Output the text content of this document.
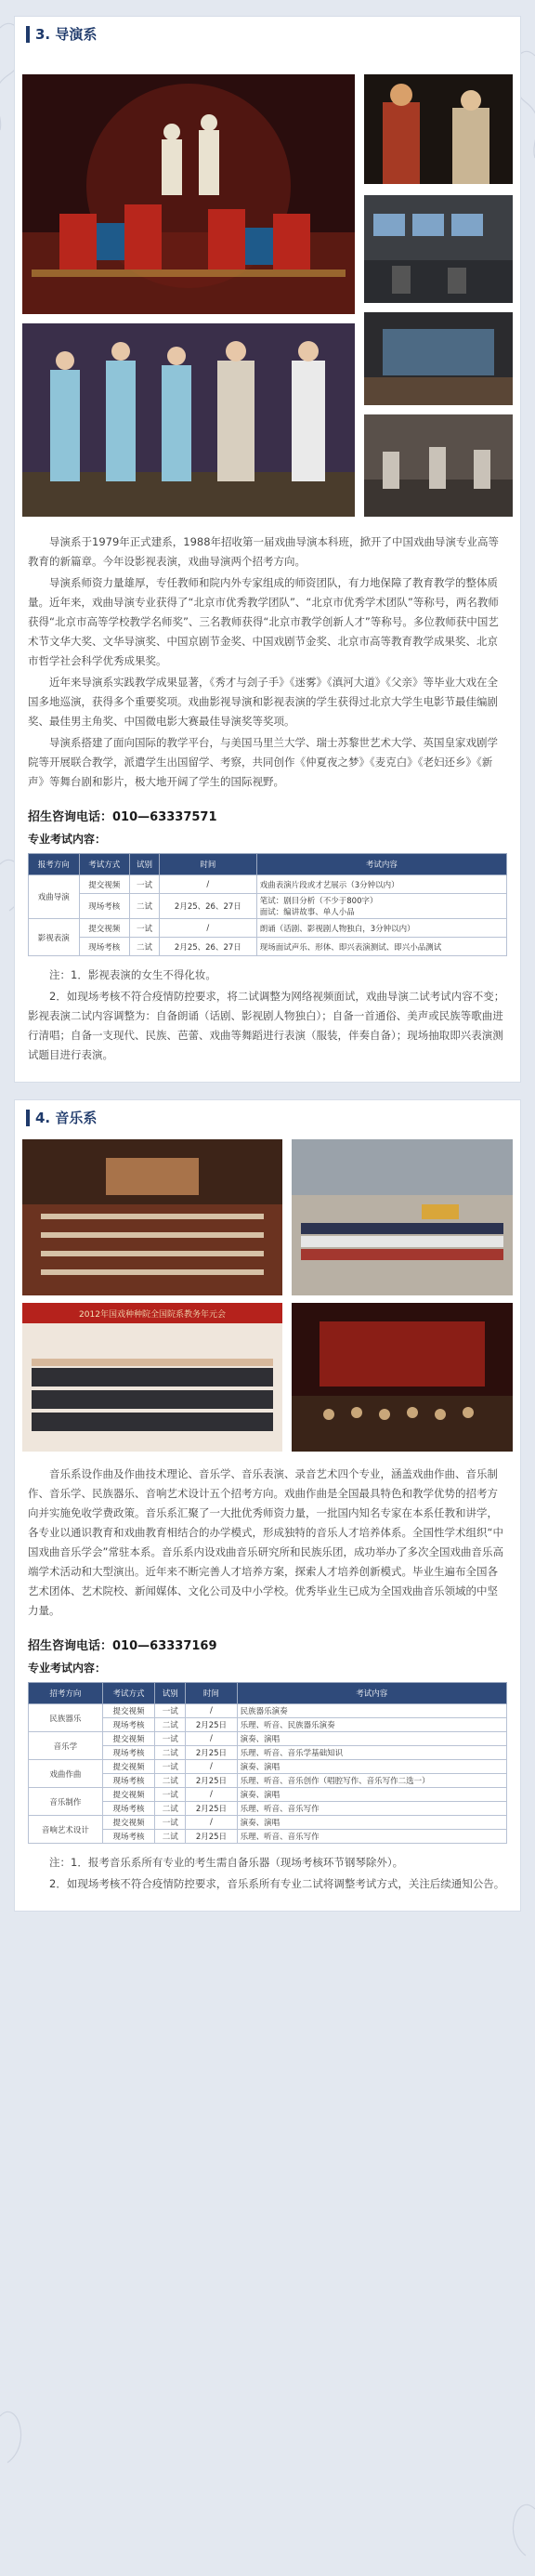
3. 导演系

导演系于1979年正式建系，1988年招收第一届戏曲导演本科班，掀开了中国戏曲导演专业高等教育的新篇章。今年设影视表演，戏曲导演两个招考方向。

导演系师资力量雄厚，专任教师和院内外专家组成的师资团队，有力地保障了教育教学的整体质量。近年来，戏曲导演专业获得了“北京市优秀教学团队”、“北京市优秀学术团队”等称号，两名教师获得“北京市高等学校教学名师奖”、三名教师获得“北京市教学创新人才”等称号。多位教师获中国艺术节文华大奖、文华导演奖、中国京剧节金奖、中国戏剧节金奖、北京市高等教育教学成果奖、北京市哲学社会科学优秀成果奖。

近年来导演系实践教学成果显著，《秀才与刽子手》《迷雾》《滇河大道》《父亲》等毕业大戏在全国多地巡演，获得多个重要奖项。戏曲影视导演和影视表演的学生获得过北京大学生电影节最佳编剧奖、最佳男主角奖、中国微电影大赛最佳导演奖等奖项。

导演系搭建了面向国际的教学平台，与美国马里兰大学、瑞士苏黎世艺术大学、英国皇家戏剧学院等开展联合教学，派遣学生出国留学、考察，共同创作《仲夏夜之梦》《麦克白》《老妇还乡》《新声》等舞台剧和影片，极大地开阔了学生的国际视野。

招生咨询电话：010—63337571
专业考试内容：
报考方向	考试方式	试别	时间	考试内容
戏曲导演	提交视频	一试	/	戏曲表演片段或才艺展示（3分钟以内）
	现场考核	二试	2月25、26、27日	笔试：剧目分析（不少于800字）
面试：编讲故事、单人小品
影视表演	提交视频	一试	/	朗诵（话剧、影视剧人物独白，3分钟以内）
	现场考核	二试	2月25、26、27日	现场面试声乐、形体、即兴表演测试、即兴小品测试

注：1．影视表演的女生不得化妆。

2．如现场考核不符合疫情防控要求，将二试调整为网络视频面试，戏曲导演二试考试内容不变；影视表演二试内容调整为：自备朗诵（话剧、影视剧人物独白）；自备一首通俗、美声或民族等歌曲进行清唱；自备一支现代、民族、芭蕾、戏曲等舞蹈进行表演（服装，伴奏自备）；现场抽取即兴表演测试题目进行表演。

4. 音乐系
2012年国戏种种院全国院系教务年元会

音乐系设作曲及作曲技术理论、音乐学、音乐表演、录音艺术四个专业，涵盖戏曲作曲、音乐制作、音乐学、民族器乐、音响艺术设计五个招考方向。戏曲作曲是全国最具特色和教学优势的招考方向并实施免收学费政策。音乐系汇聚了一大批优秀师资力量，一批国内知名专家在本系任教和讲学，各专业以通识教育和戏曲教育相结合的办学模式，形成独特的音乐人才培养体系。全国性学术组织“中国戏曲音乐学会”常驻本系。音乐系内设戏曲音乐研究所和民族乐团，成功举办了多次全国戏曲音乐高端学术活动和大型演出。近年来不断完善人才培养方案，探索人才培养创新模式。毕业生遍布全国各艺术团体、艺术院校、新闻媒体、文化公司及中小学校。优秀毕业生已成为全国戏曲音乐领域的中坚力量。

招生咨询电话：010—63337169
专业考试内容：
招考方向	考试方式	试别	时间	考试内容
民族器乐	提交视频	一试	/	民族器乐演奏
	现场考核	二试	2月25日	乐理、听音、民族器乐演奏
音乐学	提交视频	一试	/	演奏、演唱
	现场考核	二试	2月25日	乐理、听音、音乐学基础知识
戏曲作曲	提交视频	一试	/	演奏、演唱
	现场考核	二试	2月25日	乐理、听音、音乐创作（唱腔写作、音乐写作二选一）
音乐制作	提交视频	一试	/	演奏、演唱
	现场考核	二试	2月25日	乐理、听音、音乐写作
音响艺术设计	提交视频	一试	/	演奏、演唱
	现场考核	二试	2月25日	乐理、听音、音乐写作

注：1．报考音乐系所有专业的考生需自备乐器（现场考核环节钢琴除外）。

2．如现场考核不符合疫情防控要求，音乐系所有专业二试将调整考试方式，关注后续通知公告。
